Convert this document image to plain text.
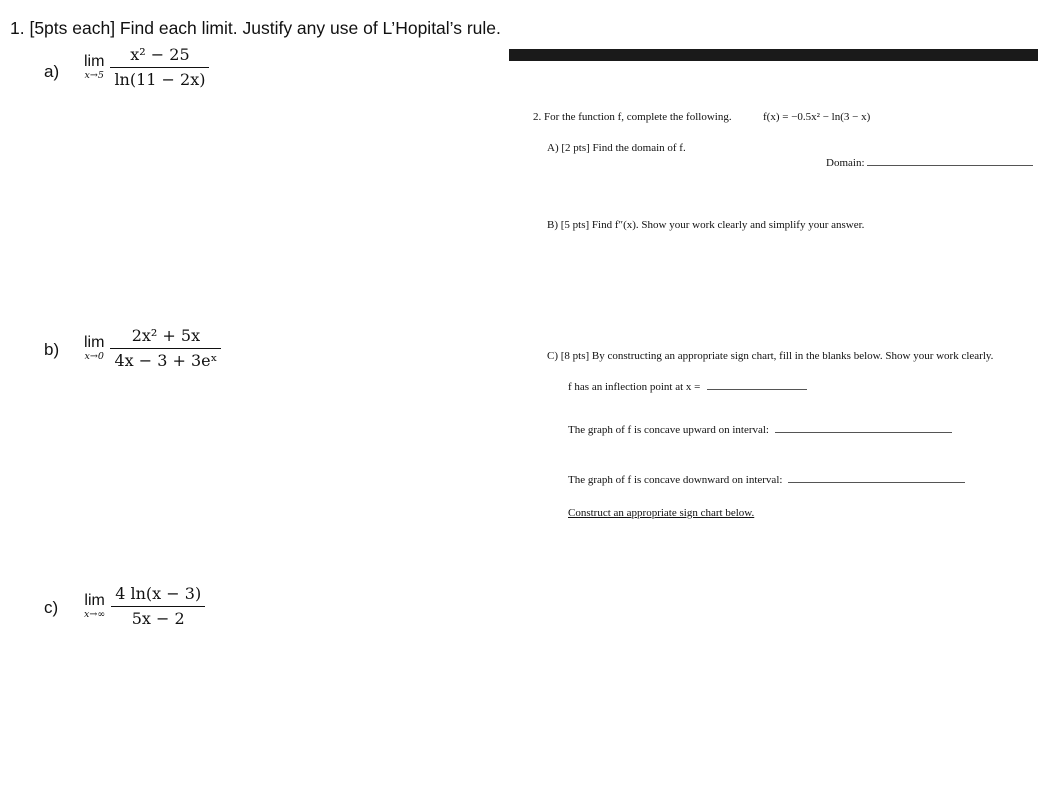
1. [5pts each] Find each limit. Justify any use of L’Hopital’s rule.
a)
lim
$x\to 5 \frac{\text{x² − 25}}{\ln(11 - 2x)}$
b) lim
$x\to 0 \frac{\text{2x² + 5x}}{\text{4x − 3 + 3eˣ}}$
c) lim
$x\to\infty \frac{4 \ln(x - 3)}{5x - 2}$
2. For the function f, complete the following.	f(x) = −0.5x² − ln(3 − x)
A) [2 pts] Find the domain of f.
Domain:
B) [5 pts] Find f″(x). Show your work clearly and simplify your answer.
C) [8 pts] By constructing an appropriate sign chart, fill in the blanks below. Show your work clearly.
f has an inflection point at x =
The graph of f is concave upward on interval:
The graph of f is concave downward on interval:
Construct an appropriate sign chart below.
